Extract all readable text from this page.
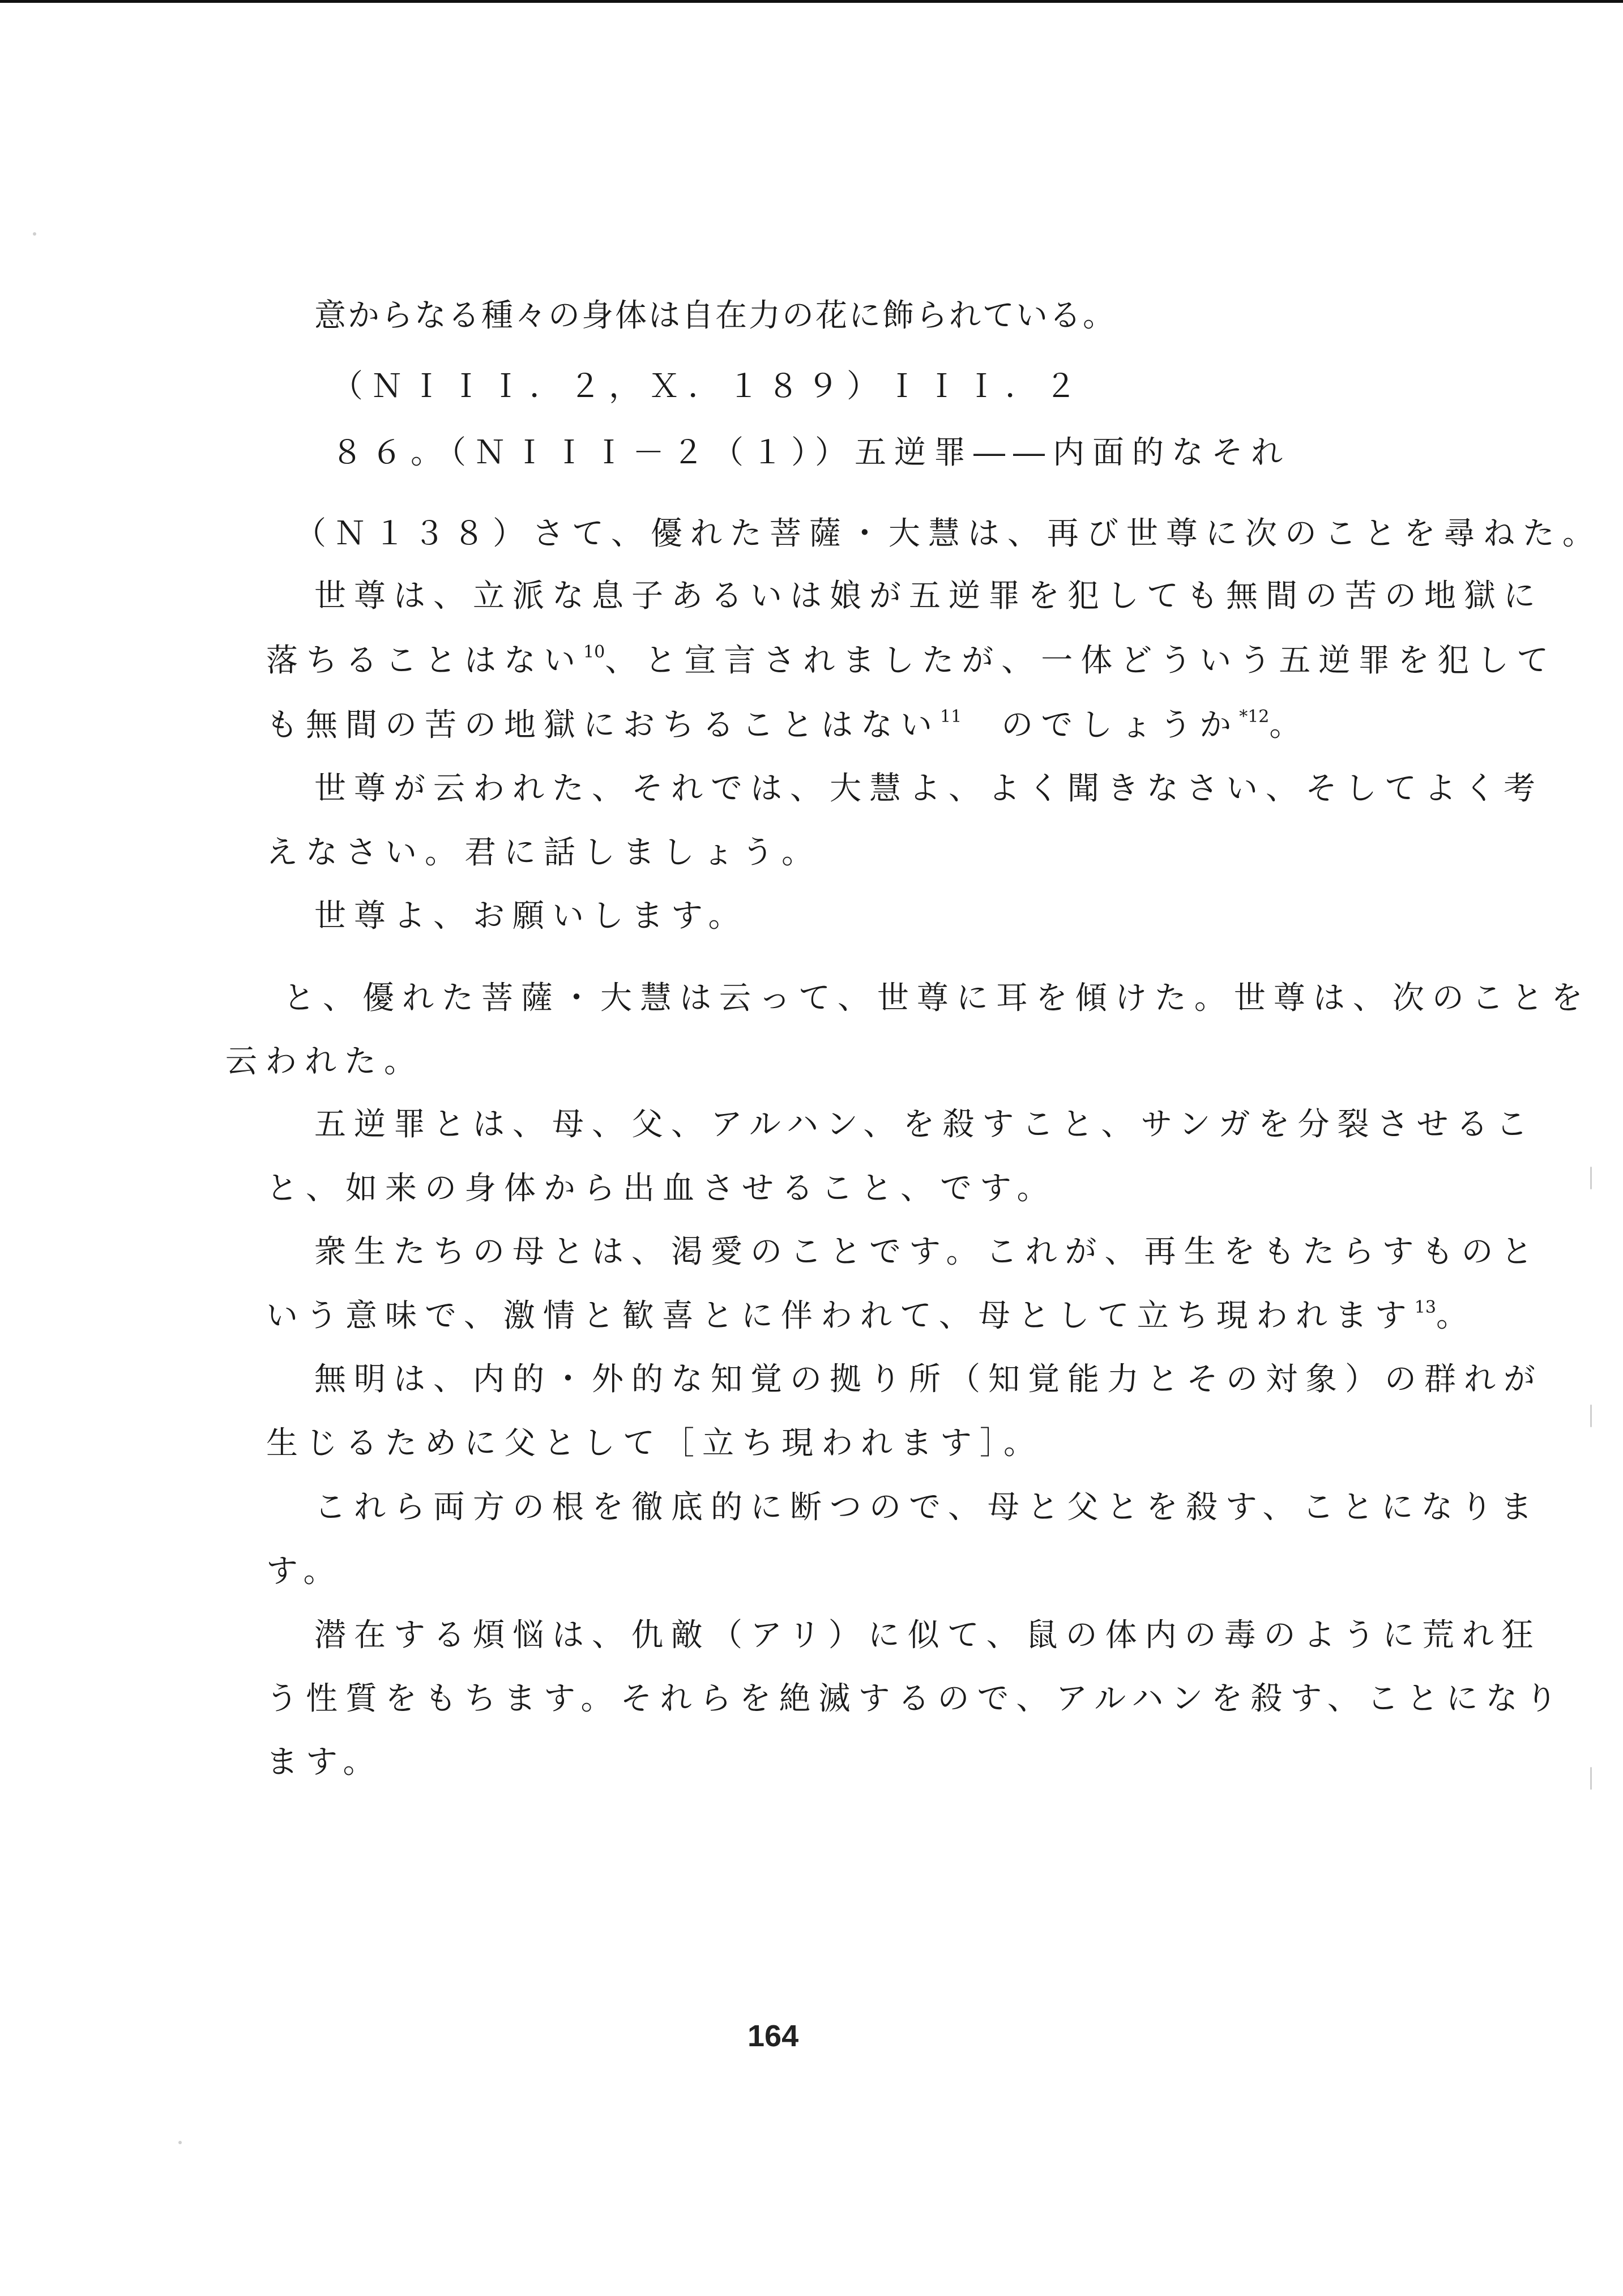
意からなる種々の身体は自在力の花に飾られている。
（ＮＩＩＩ．２，Ｘ．１８９）ＩＩＩ．２
８６。（ＮＩＩＩ－２（１））五逆罪――内面的なそれ
（Ｎ１３８）さて、優れた菩薩・大慧は、再び世尊に次のことを尋ねた。
世尊は、立派な息子あるいは娘が五逆罪を犯しても無間の苦の地獄に
落ちることはない$^{10}$、と宣言されましたが、一体どういう五逆罪を犯して
も無間の苦の地獄におちることはない$^{11}$　のでしょうか$^{*12}$。
世尊が云われた、それでは、大慧よ、よく聞きなさい、そしてよく考
えなさい。君に話しましょう。
世尊よ、お願いします。
と、優れた菩薩・大慧は云って、世尊に耳を傾けた。世尊は、次のことを
云われた。
五逆罪とは、母、父、アルハン、を殺すこと、サンガを分裂させるこ
と、如来の身体から出血させること、です。
衆生たちの母とは、渇愛のことです。これが、再生をもたらすものと
いう意味で、激情と歓喜とに伴われて、母として立ち現われます$^{13}$。
無明は、内的・外的な知覚の拠り所（知覚能力とその対象）の群れが
生じるために父として［立ち現われます］。
これら両方の根を徹底的に断つので、母と父とを殺す、ことになりま
す。
潜在する煩悩は、仇敵（アリ）に似て、鼠の体内の毒のように荒れ狂
う性質をもちます。それらを絶滅するので、アルハンを殺す、ことになり
ます。
164
